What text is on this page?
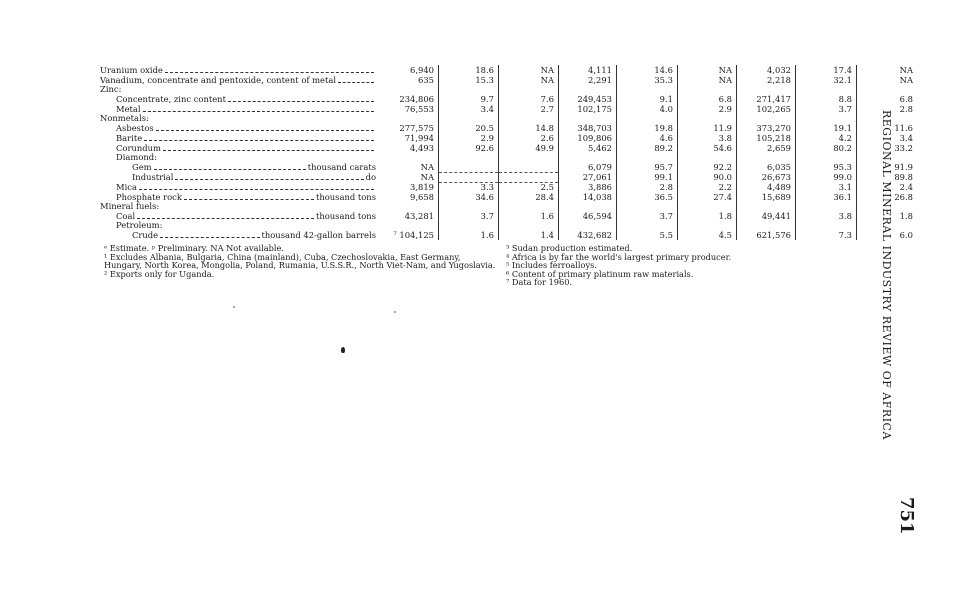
Uranium oxide	6,940	18.6	NA	4,111	14.6	NA	4,032	17.4	NA

Vanadium, concentrate and pentoxide, content of metal	635	15.3	NA	2,291	35.3	NA	2,218	32.1	NA

Zinc:									

Concentrate, zinc content	234,806	9.7	7.6	249,453	9.1	6.8	271,417	8.8	6.8

Metal	76,553	3.4	2.7	102,175	4.0	2.9	102,265	3.7	2.8

Nonmetals:									

Asbestos	277,575	20.5	14.8	348,703	19.8	11.9	373,270	19.1	11.6

Barite	71,994	2.9	2.6	109,806	4.6	3.8	105,218	4.2	3.4

Corundum	4,493	92.6	49.9	5,462	89.2	54.6	2,659	80.2	33.2

Diamond:									

Gem thousand carats	NA			6,079	95.7	92.2	6,035	95.3	91.9

Industrial do	NA			27,061	99.1	90.0	26,673	99.0	89.8

Mica	3,819	3.3	2.5	3,886	2.8	2.2	4,489	3.1	2.4

Phosphate rock thousand tons	9,658	34.6	28.4	14,038	36.5	27.4	15,689	36.1	26.8

Mineral fuels:									

Coal thousand tons	43,281	3.7	1.6	46,594	3.7	1.8	49,441	3.8	1.8

Petroleum:									

Crude thousand 42-gallon barrels	⁷ 104,125	1.6	1.4	432,682	5.5	4.5	621,576	7.3	6.0

ᵉ Estimate. ᵖ Preliminary. NA Not available.

¹ Excludes Albania, Bulgaria, China (mainland), Cuba, Czechoslovakia, East Germany, Hungary, North Korea, Mongolia, Poland, Rumania, U.S.S.R., North Viet-Nam, and Yugoslavia.

² Exports only for Uganda.

³ Sudan production estimated.

⁴ Africa is by far the world's largest primary producer.

⁵ Includes ferroalloys.

⁶ Content of primary platinum raw materials.

⁷ Data for 1960.	REGIONAL MINERAL INDUSTRY REVIEW OF AFRICA
751
